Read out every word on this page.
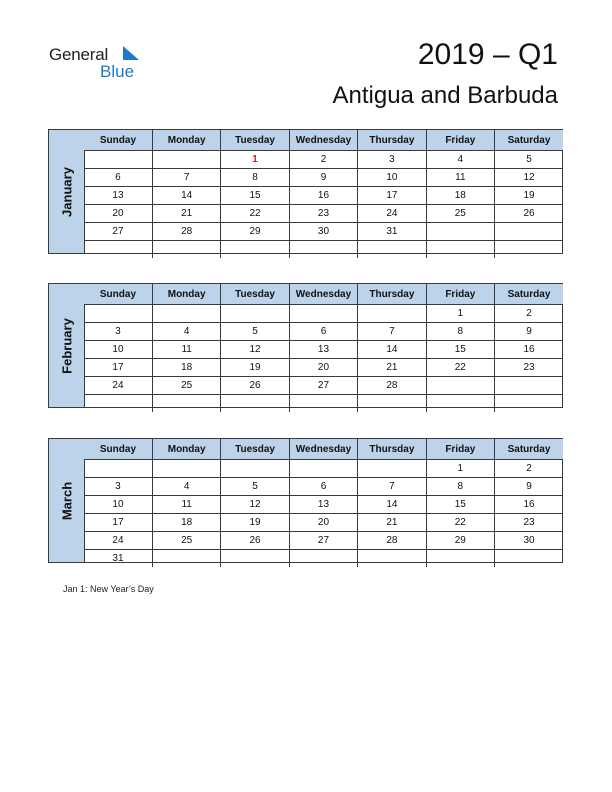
General
Blue
2019 – Q1
Antigua and Barbuda
January
Sunday	Monday	Tuesday	Wednesday	Thursday	Friday	Saturday
		1	2	3	4	5
6	7	8	9	10	11	12
13	14	15	16	17	18	19
20	21	22	23	24	25	26
27	28	29	30	31		

February
Sunday	Monday	Tuesday	Wednesday	Thursday	Friday	Saturday
					1	2
3	4	5	6	7	8	9
10	11	12	13	14	15	16
17	18	19	20	21	22	23
24	25	26	27	28		

March
Sunday	Monday	Tuesday	Wednesday	Thursday	Friday	Saturday
					1	2
3	4	5	6	7	8	9
10	11	12	13	14	15	16
17	18	19	20	21	22	23
24	25	26	27	28	29	30
31						
Jan 1: New Year’s Day
